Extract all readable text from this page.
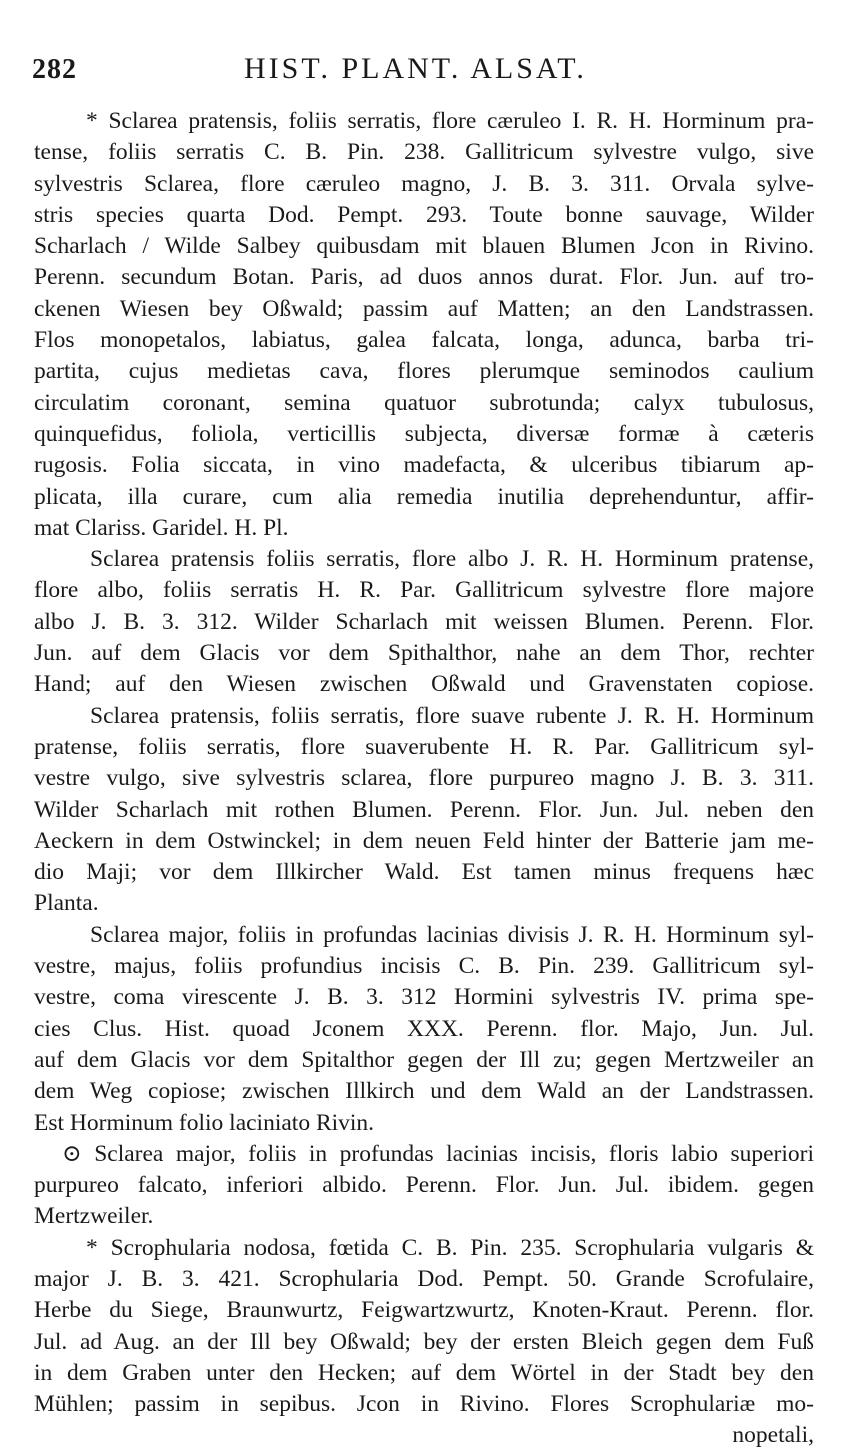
282	HIST. PLANT. ALSAT.
* Sclarea pratensis, foliis serratis, flore cæruleo I. R. H. Horminum pra-
tense, foliis serratis C. B. Pin. 238. Gallitricum sylvestre vulgo, sive
sylvestris Sclarea, flore cæruleo magno, J. B. 3. 311. Orvala sylve-
stris species quarta Dod. Pempt. 293. Toute bonne sauvage, Wilder
Scharlach / Wilde Salbey quibusdam mit blauen Blumen Jcon in Rivino.
Perenn. secundum Botan. Paris, ad duos annos durat. Flor. Jun. auf tro-
ckenen Wiesen bey Oßwald; passim auf Matten; an den Landstrassen.
Flos monopetalos, labiatus, galea falcata, longa, adunca, barba tri-
partita, cujus medietas cava, flores plerumque seminodos caulium
circulatim coronant, semina quatuor subrotunda; calyx tubulosus,
quinquefidus, foliola, verticillis subjecta, diversæ formæ à cæteris
rugosis. Folia siccata, in vino madefacta, & ulceribus tibiarum ap-
plicata, illa curare, cum alia remedia inutilia deprehenduntur, affir-
mat Clariss. Garidel. H. Pl.
Sclarea pratensis foliis serratis, flore albo J. R. H. Horminum pratense,
flore albo, foliis serratis H. R. Par. Gallitricum sylvestre flore majore
albo J. B. 3. 312. Wilder Scharlach mit weissen Blumen. Perenn. Flor.
Jun. auf dem Glacis vor dem Spithalthor, nahe an dem Thor, rechter
Hand; auf den Wiesen zwischen Oßwald und Gravenstaten copiose.
Sclarea pratensis, foliis serratis, flore suave rubente J. R. H. Horminum
pratense, foliis serratis, flore suaverubente H. R. Par. Gallitricum syl-
vestre vulgo, sive sylvestris sclarea, flore purpureo magno J. B. 3. 311.
Wilder Scharlach mit rothen Blumen. Perenn. Flor. Jun. Jul. neben den
Aeckern in dem Ostwinckel; in dem neuen Feld hinter der Batterie jam me-
dio Maji; vor dem Illkircher Wald. Est tamen minus frequens hæc
Planta.
Sclarea major, foliis in profundas lacinias divisis J. R. H. Horminum syl-
vestre, majus, foliis profundius incisis C. B. Pin. 239. Gallitricum syl-
vestre, coma virescente J. B. 3. 312 Hormini sylvestris IV. prima spe-
cies Clus. Hist. quoad Jconem XXX. Perenn. flor. Majo, Jun. Jul.
auf dem Glacis vor dem Spitalthor gegen der Ill zu; gegen Mertzweiler an
dem Weg copiose; zwischen Illkirch und dem Wald an der Landstrassen.
Est Horminum folio laciniato Rivin.
⊙ Sclarea major, foliis in profundas lacinias incisis, floris labio superiori
purpureo falcato, inferiori albido. Perenn. Flor. Jun. Jul. ibidem. gegen
Mertzweiler.
* Scrophularia nodosa, fœtida C. B. Pin. 235. Scrophularia vulgaris &
major J. B. 3. 421. Scrophularia Dod. Pempt. 50. Grande Scrofulaire,
Herbe du Siege, Braunwurtz, Feigwartzwurtz, Knoten-Kraut. Perenn. flor.
Jul. ad Aug. an der Ill bey Oßwald; bey der ersten Bleich gegen dem Fuß
in dem Graben unter den Hecken; auf dem Wörtel in der Stadt bey den
Mühlen; passim in sepibus. Jcon in Rivino. Flores Scrophulariæ mo-
nopetali,
